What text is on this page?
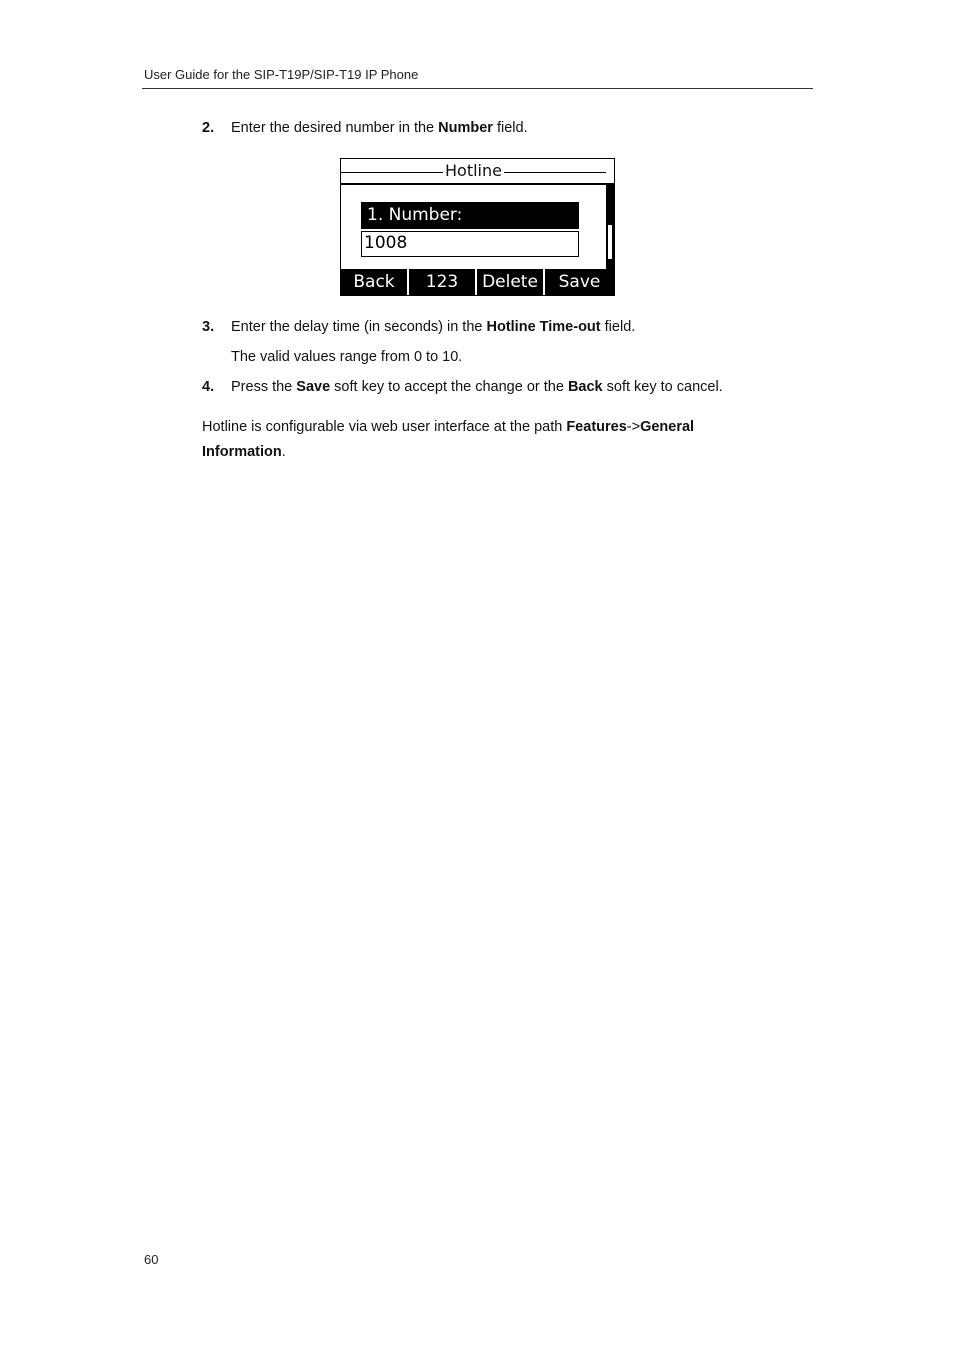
User Guide for the SIP-T19P/SIP-T19 IP Phone
2. Enter the desired number in the Number field.
Hotline
1. Number:
1008
Back	123	Delete	Save
3. Enter the delay time (in seconds) in the Hotline Time-out field.
The valid values range from 0 to 10.
4. Press the Save soft key to accept the change or the Back soft key to cancel.
Hotline is configurable via web user interface at the path Features->General
Information.
60
